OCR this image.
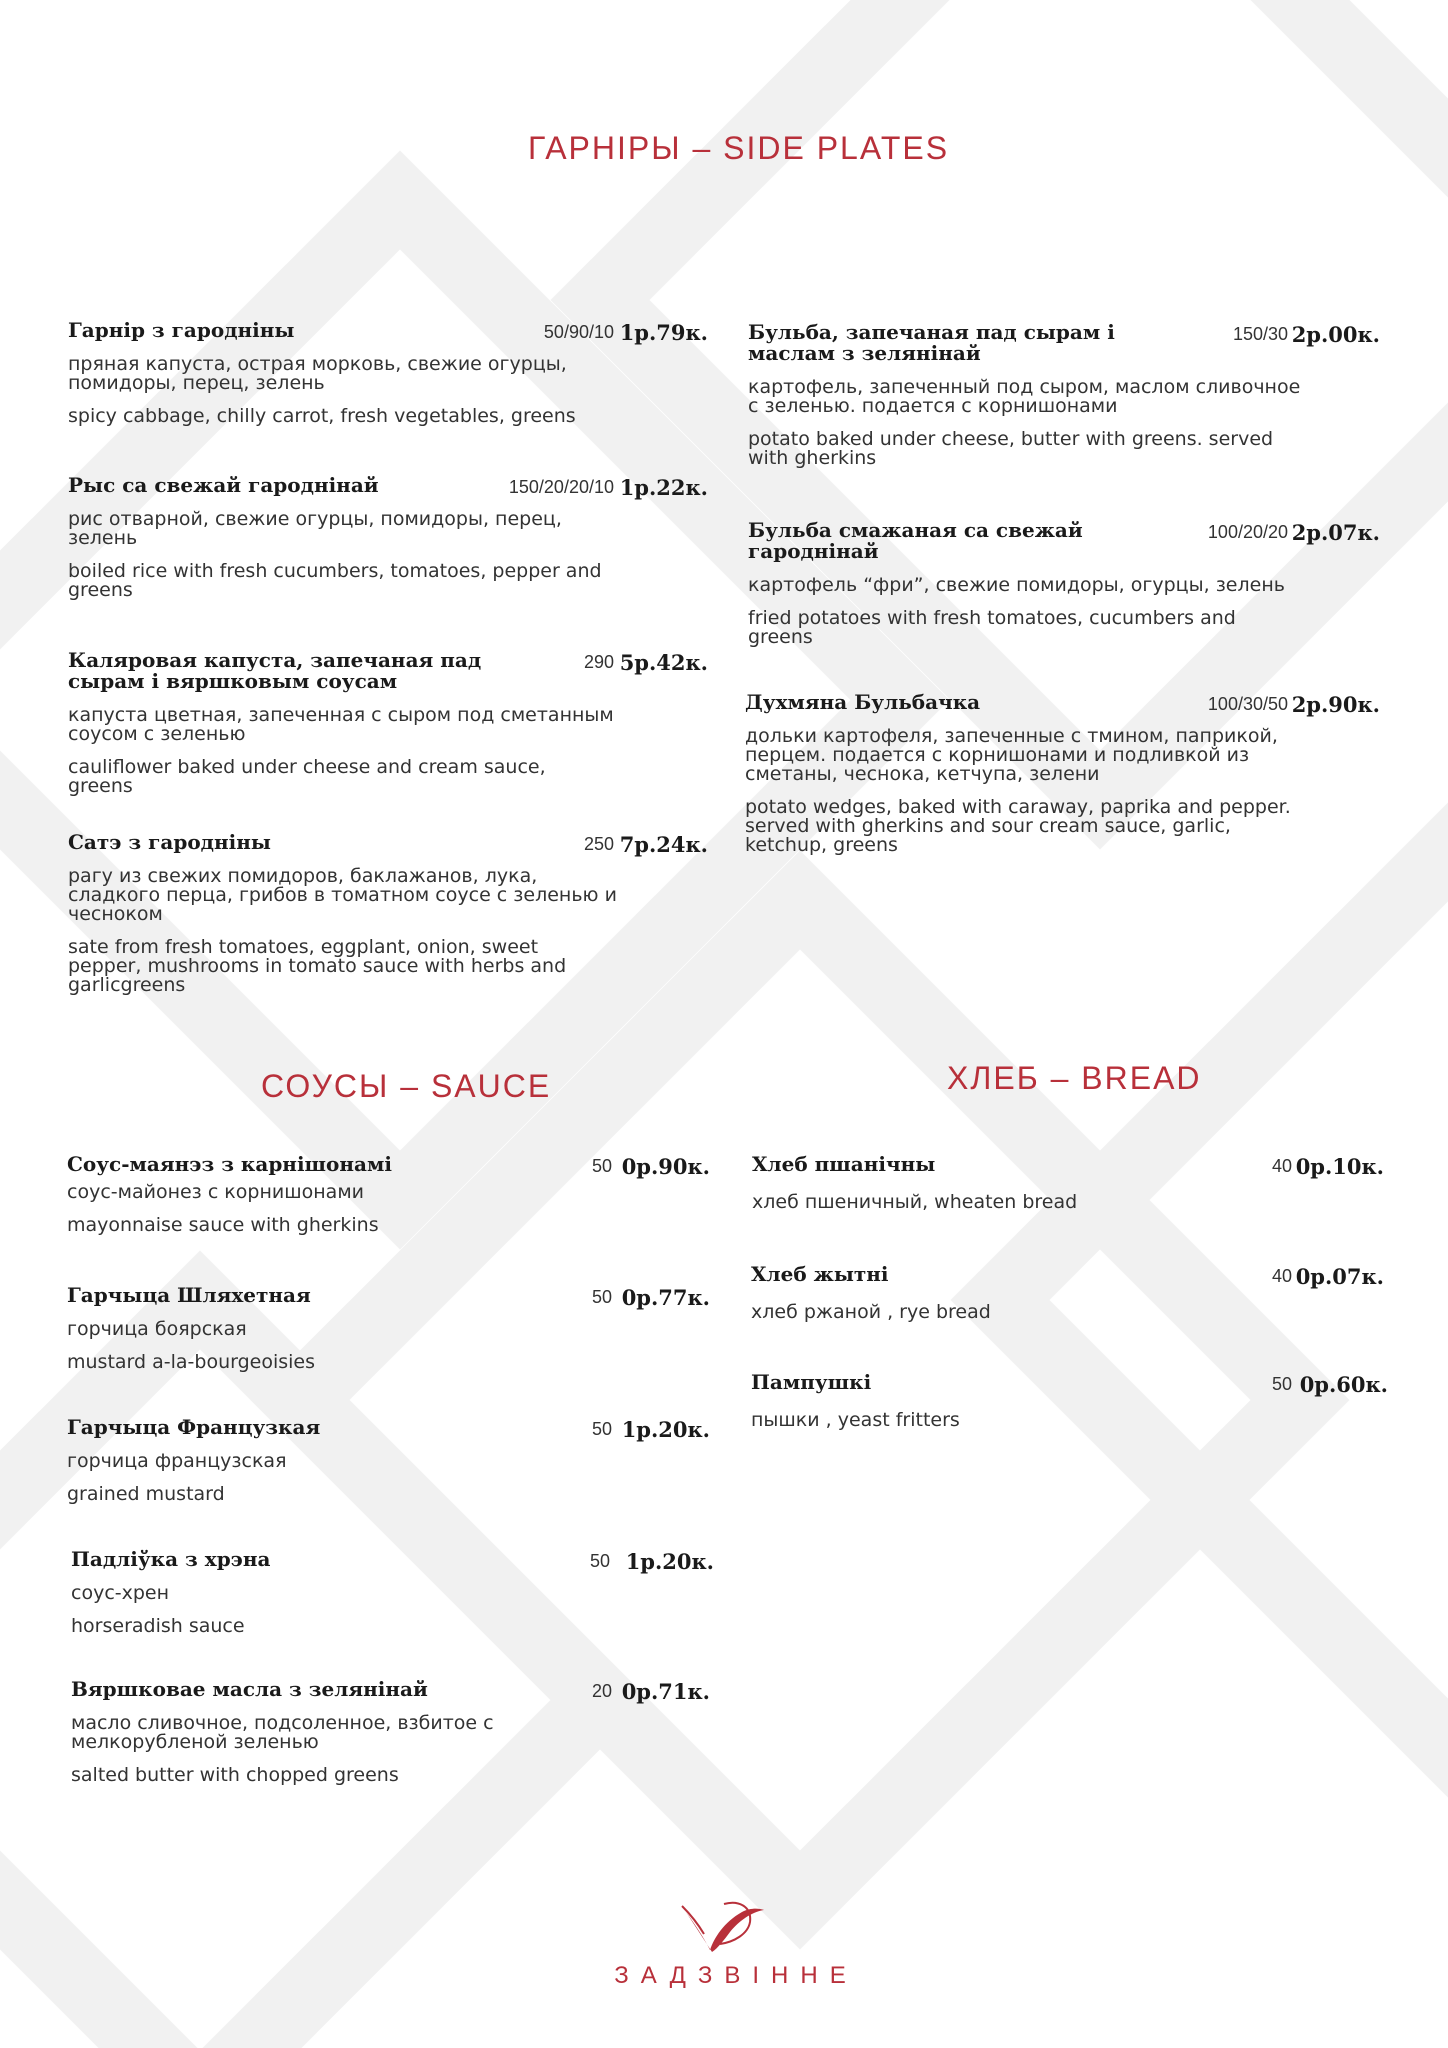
ГАРНІРЫ – SIDE PLATES
СОУСЫ – SAUCE	ХЛЕБ – BREAD
Гарнір з гародніны	50/90/10 1р.79к.
пряная капуста, острая морковь, свежие огурцы, помидоры, перец, зелень
spicy cabbage, chilly carrot, fresh vegetables, greens
Рыс са свежай гароднінай	150/20/20/10 1р.22к.
рис отварной, свежие огурцы, помидоры, перец, зелень
boiled rice with fresh cucumbers, tomatoes, pepper and greens
Каляровая капуста, запечаная пад сырам і вяршковым соусам
290 5р.42к.
капуста цветная, запеченная с сыром под сметанным соусом с зеленью
cauliflower baked under cheese and cream sauce, greens
Сатэ з гародніны	250 7р.24к.
рагу из свежих помидоров, баклажанов, лука, сладкого перца, грибов в томатном соусе с зеленью и чесноком
sate from fresh tomatoes, eggplant, onion, sweet pepper, mushrooms in tomato sauce with herbs and garlicgreens
Бульба, запечаная пад сырам і маслам з зелянінай
150/30 2р.00к.
картофель, запеченный под сыром, маслом сливочное с зеленью. подается с корнишонами
potato baked under cheese, butter with greens. served with gherkins
Бульба смажаная са свежай гароднінай
100/20/20 2р.07к.
картофель “фри”, свежие помидоры, огурцы, зелень
fried potatoes with fresh tomatoes, cucumbers and greens
Духмяна Бульбачка	100/30/50 2р.90к.
дольки картофеля, запеченные с тмином, паприкой, перцем. подается с корнишонами и подливкой из сметаны, чеснока, кетчупа, зелени
potato wedges, baked with caraway, paprika and pepper. served with gherkins and sour cream sauce, garlic, ketchup, greens
Соус-маянэз з карнішонамі	50 0р.90к.
соус-майонез с корнишонами
mayonnaise sauce with gherkins
Гарчыца Шляхетная	50 0р.77к.
горчица боярская
mustard a-la-bourgeoisies
Гарчыца Французкая	50 1р.20к.
горчица французская
grained mustard
Падліўка з хрэна	50 1р.20к.
соус-хрен
horseradish sauce
Вяршковае масла з зелянінай	20 0р.71к.
масло сливочное, подсоленное, взбитое с мелкорубленой зеленью
salted butter with chopped greens
Хлеб пшанічны	40 0р.10к.
хлеб пшеничный, wheaten bread
Хлеб жытні	40 0р.07к.
хлеб ржаной , rye bread
Пампушкі	50 0р.60к.
пышки , yeast fritters
ЗАДЗВІННЕ
